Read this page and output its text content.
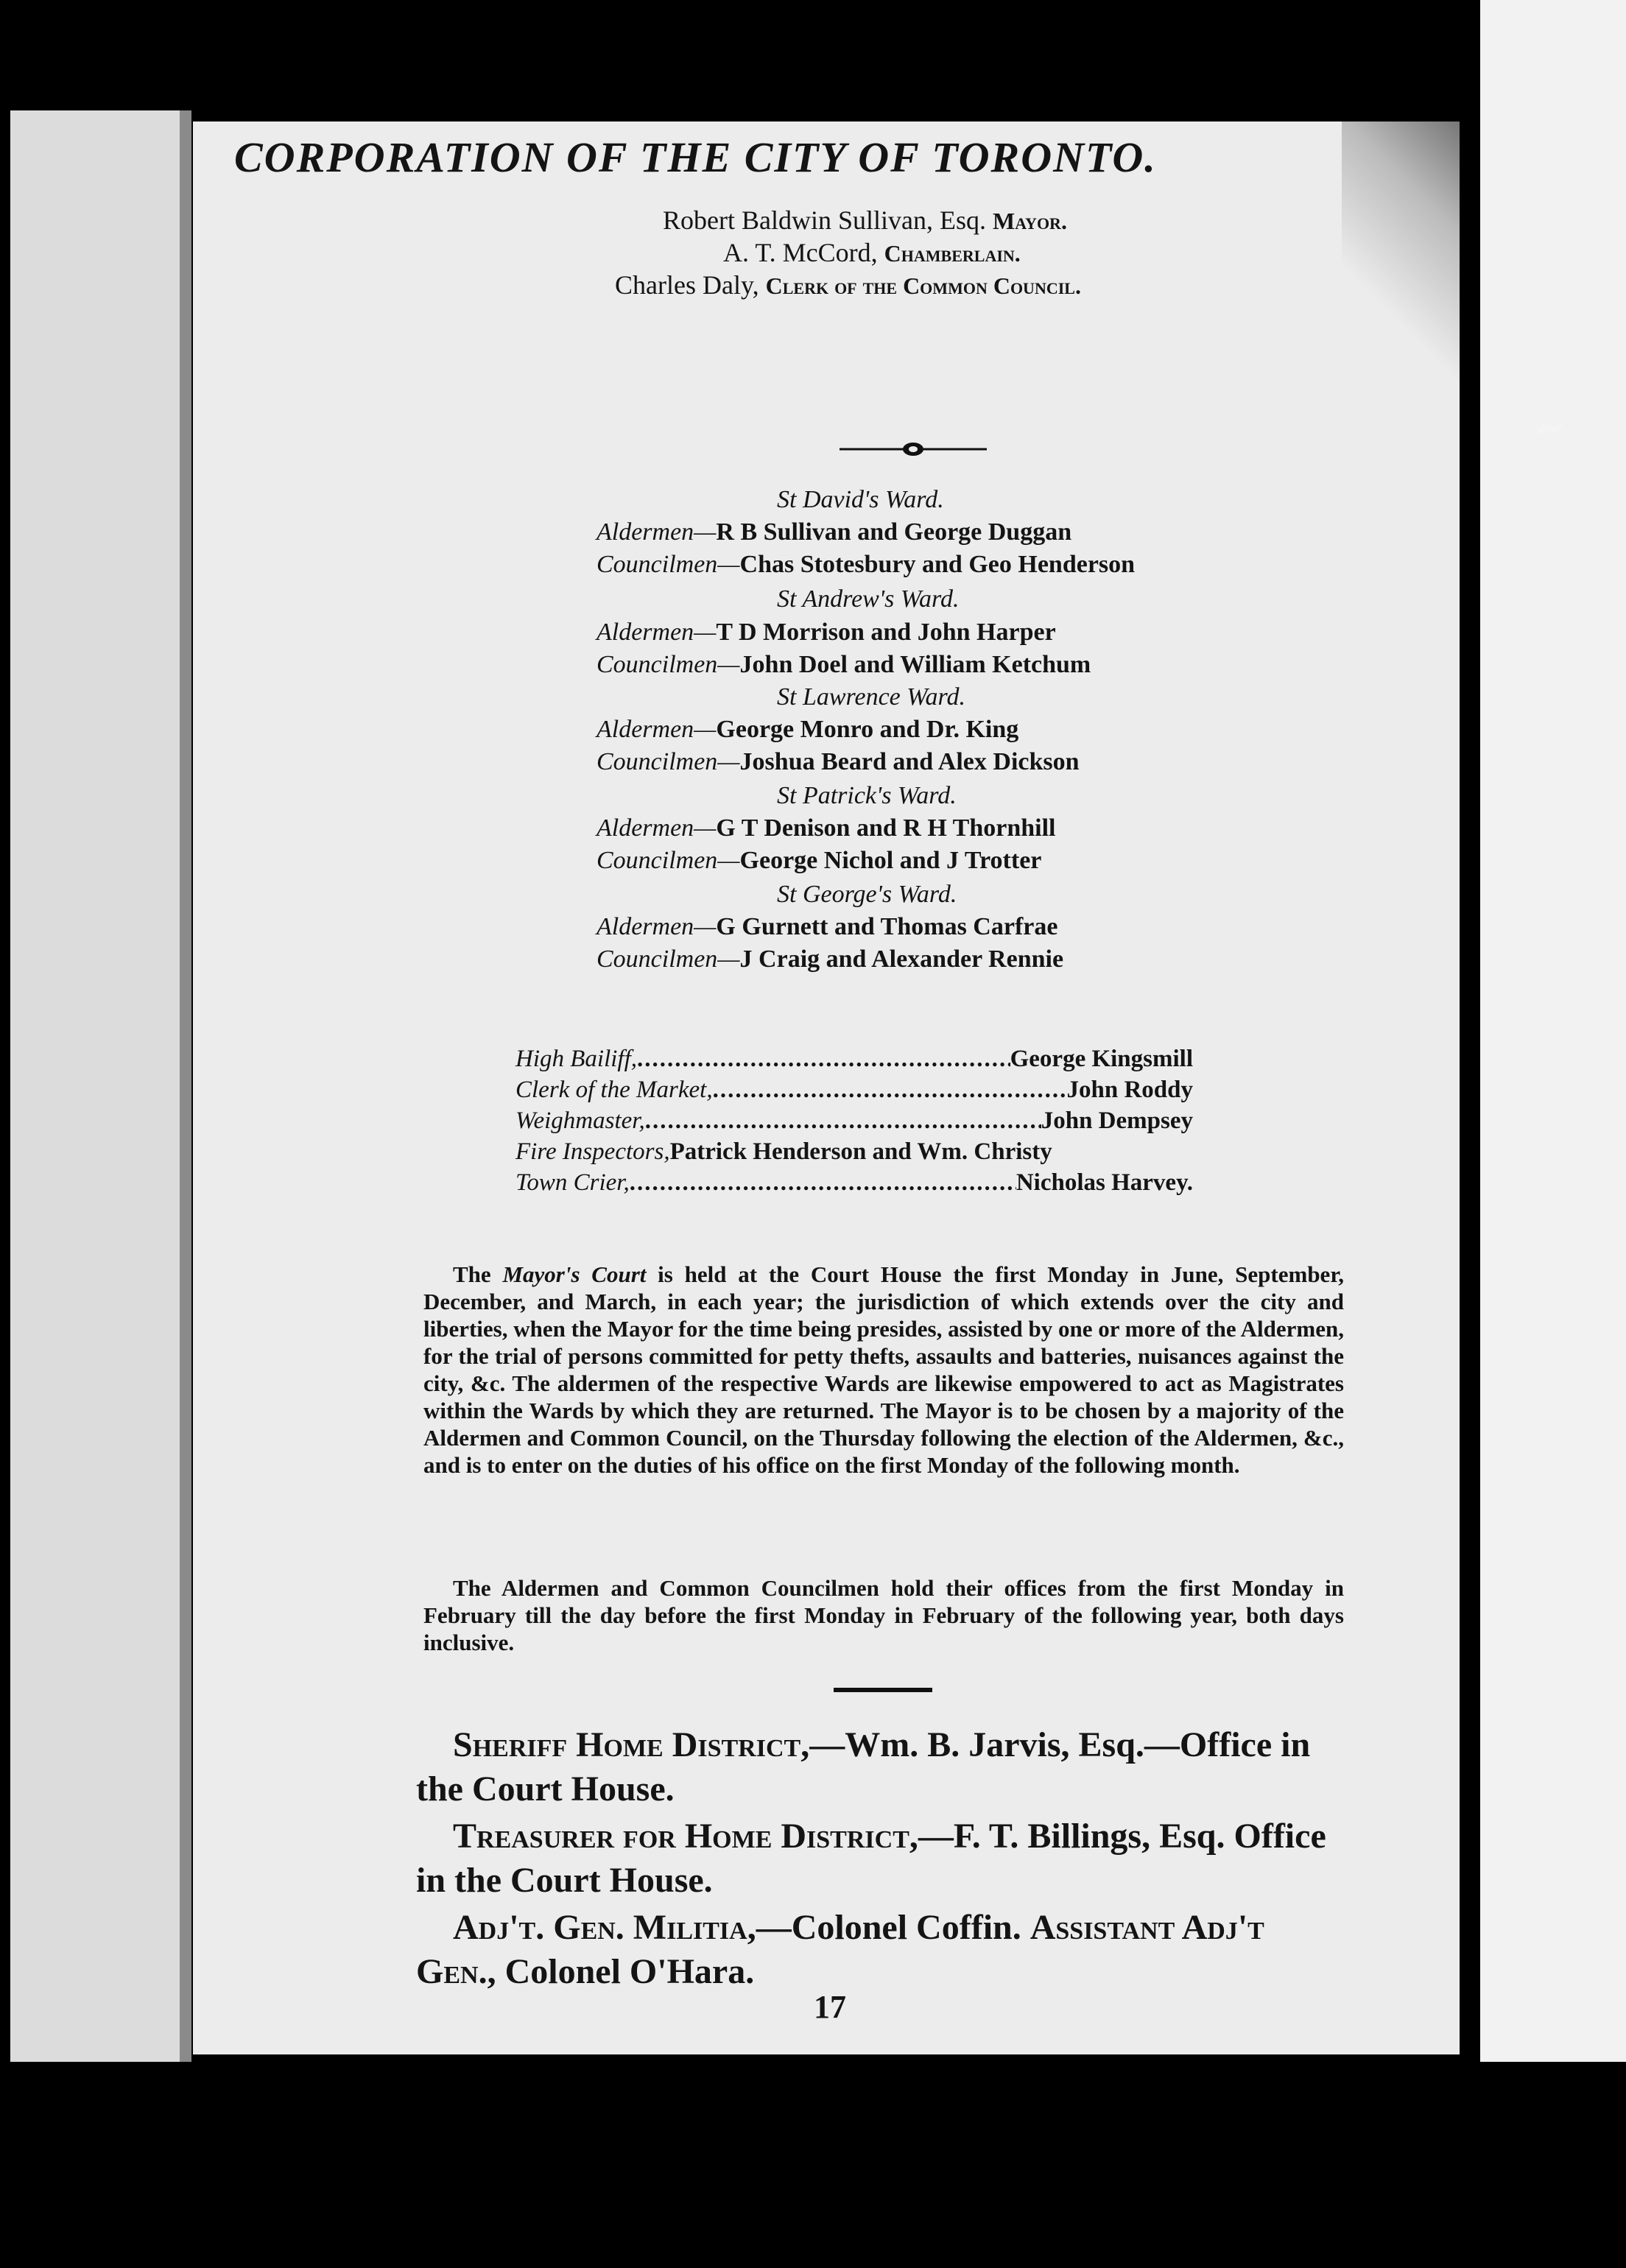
CORPORATION OF THE CITY OF TORONTO.
Robert Baldwin Sullivan, Esq. Mayor.
A. T. McCord, Chamberlain.
Charles Daly, Clerk of the Common Council.
St David's Ward.
Aldermen—R B Sullivan and George Duggan
Councilmen—Chas Stotesbury and Geo Henderson
St Andrew's Ward.
Aldermen—T D Morrison and John Harper
Councilmen—John Doel and William Ketchum
St Lawrence Ward.
Aldermen—George Monro and Dr. King
Councilmen—Joshua Beard and Alex Dickson
St Patrick's Ward.
Aldermen—G T Denison and R H Thornhill
Councilmen—George Nichol and J Trotter
St George's Ward.
Aldermen—G Gurnett and Thomas Carfrae
Councilmen—J Craig and Alexander Rennie
High Bailiff, .....	George Kingsmill
Clerk of the Market, .....	John Roddy
Weighmaster, .....	John Dempsey
Fire Inspectors, Patrick Henderson and Wm. Christy
Town Crier, .....	Nicholas Harvey.
The Mayor's Court is held at the Court House the first Monday in June, September, December, and March, in each year; the jurisdiction of which extends over the city and liberties, when the Mayor for the time being presides, assisted by one or more of the Aldermen, for the trial of persons committed for petty thefts, assaults and batteries, nuisances against the city, &c. The aldermen of the respective Wards are likewise empowered to act as Magistrates within the Wards by which they are returned. The Mayor is to be chosen by a majority of the Aldermen and Common Council, on the Thursday following the election of the Aldermen, &c., and is to enter on the duties of his office on the first Monday of the following month.
The Aldermen and Common Councilmen hold their offices from the first Monday in February till the day before the first Monday in February of the following year, both days inclusive.
Sheriff Home District,—Wm. B. Jarvis, Esq.—Office in the Court House.
Treasurer for Home District,—F. T. Billings, Esq. Office in the Court House.
Adj't. Gen. Militia,—Colonel Coffin. Assistant Adj't Gen., Colonel O'Hara.
17
